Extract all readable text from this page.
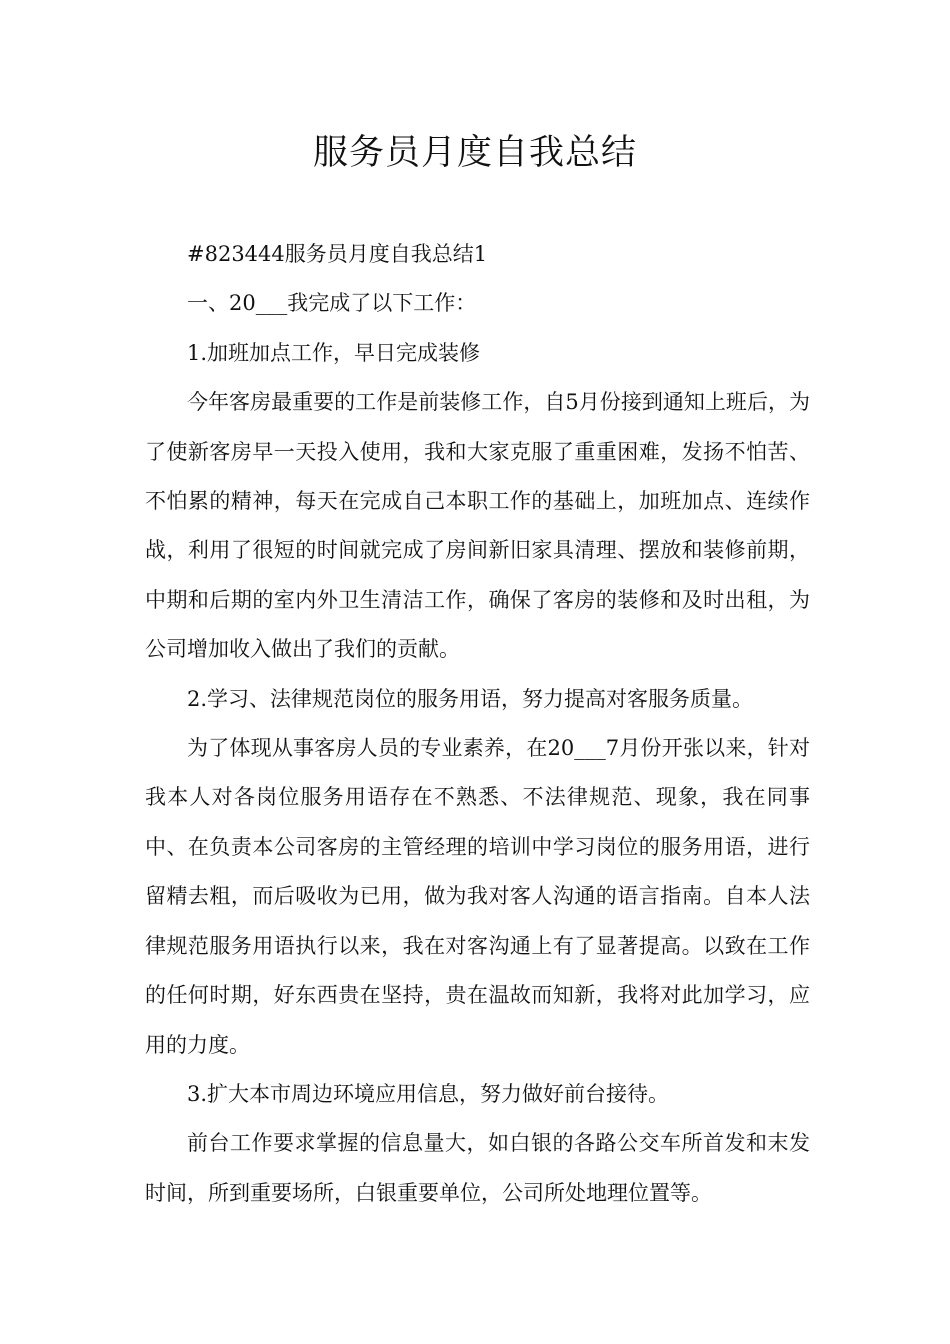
服务员月度自我总结

#823444服务员月度自我总结1

一、20___我完成了以下工作：

1.加班加点工作，早日完成装修

今年客房最重要的工作是前装修工作，自5月份接到通知上班后，为了使新客房早一天投入使用，我和大家克服了重重困难，发扬不怕苦、不怕累的精神，每天在完成自己本职工作的基础上，加班加点、连续作战，利用了很短的时间就完成了房间新旧家具清理、摆放和装修前期，中期和后期的室内外卫生清洁工作，确保了客房的装修和及时出租，为公司增加收入做出了我们的贡献。

2.学习、法律规范岗位的服务用语，努力提高对客服务质量。

为了体现从事客房人员的专业素养，在20___7月份开张以来，针对我本人对各岗位服务用语存在不熟悉、不法律规范、现象，我在同事中、在负责本公司客房的主管经理的培训中学习岗位的服务用语，进行留精去粗，而后吸收为已用，做为我对客人沟通的语言指南。自本人法律规范服务用语执行以来，我在对客沟通上有了显著提高。以致在工作的任何时期，好东西贵在坚持，贵在温故而知新，我将对此加学习，应用的力度。

3.扩大本市周边环境应用信息，努力做好前台接待。

前台工作要求掌握的信息量大，如白银的各路公交车所首发和末发时间，所到重要场所，白银重要单位，公司所处地理位置等。
